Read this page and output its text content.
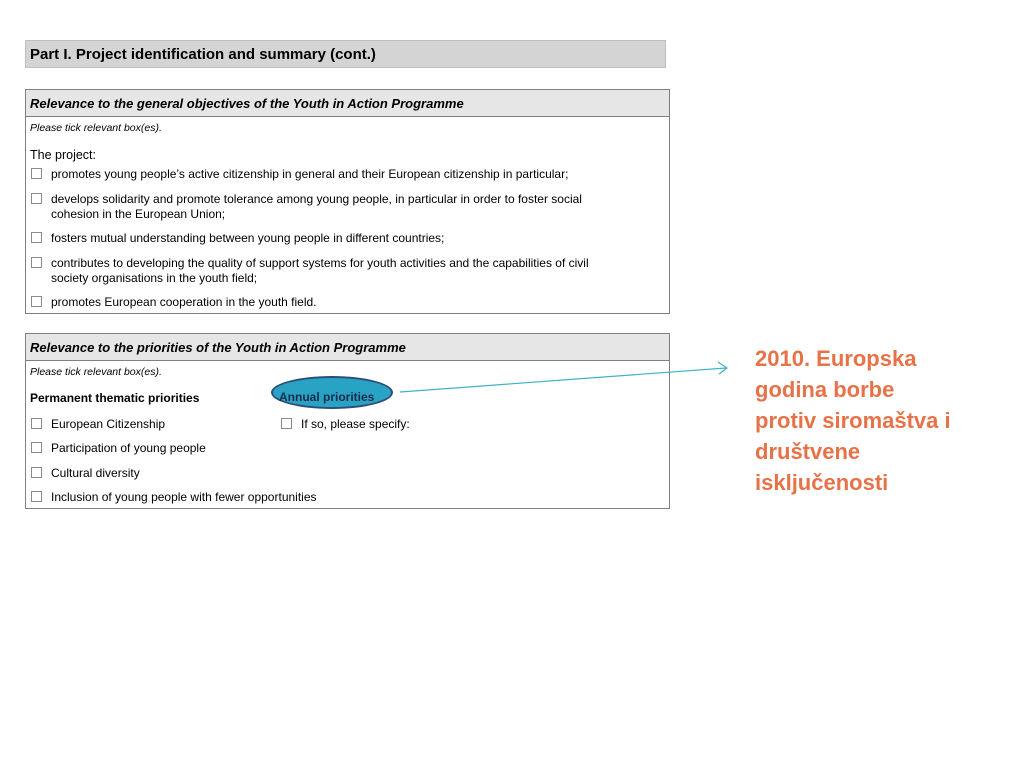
Part I. Project identification and summary (cont.)
Relevance to the general objectives of the Youth in Action Programme
Please tick relevant box(es).
The project:
promotes young people’s active citizenship in general and their European citizenship in particular;
develops solidarity and promote tolerance among young people, in particular in order to foster social
cohesion in the European Union;
fosters mutual understanding between young people in different countries;
contributes to developing the quality of support systems for youth activities and the capabilities of civil
society organisations in the youth field;
promotes European cooperation in the youth field.
Relevance to the priorities of the Youth in Action Programme
Please tick relevant box(es).
Permanent thematic priorities
European Citizenship
Participation of young people
Cultural diversity
Inclusion of young people with fewer opportunities
If so, please specify:
Annual priorities
2010. Europska
godina borbe
protiv siromaštva i
društvene
isključenosti
